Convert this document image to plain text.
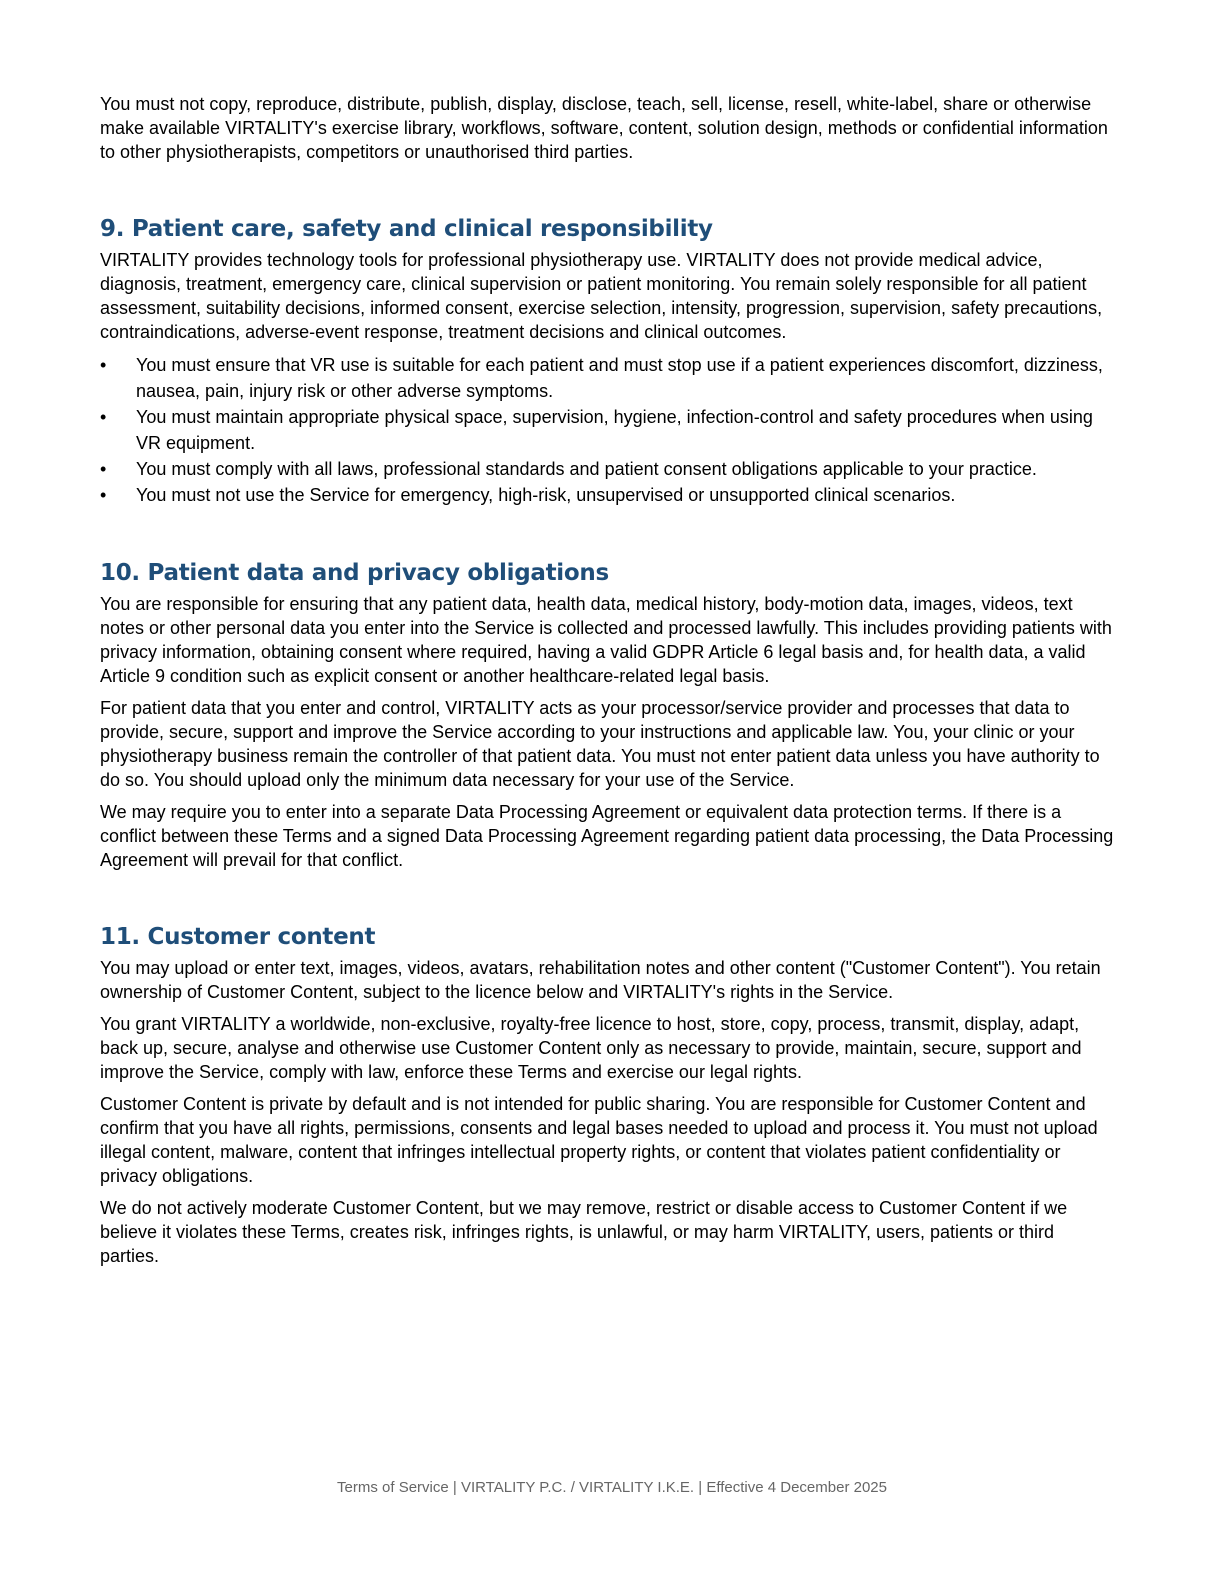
You must not copy, reproduce, distribute, publish, display, disclose, teach, sell, license, resell, white-label, share or otherwise make available VIRTALITY's exercise library, workflows, software, content, solution design, methods or confidential information to other physiotherapists, competitors or unauthorised third parties.

9. Patient care, safety and clinical responsibility

VIRTALITY provides technology tools for professional physiotherapy use. VIRTALITY does not provide medical advice, diagnosis, treatment, emergency care, clinical supervision or patient monitoring. You remain solely responsible for all patient assessment, suitability decisions, informed consent, exercise selection, intensity, progression, supervision, safety precautions, contraindications, adverse-event response, treatment decisions and clinical outcomes.

• You must ensure that VR use is suitable for each patient and must stop use if a patient experiences discomfort, dizziness, nausea, pain, injury risk or other adverse symptoms.
• You must maintain appropriate physical space, supervision, hygiene, infection-control and safety procedures when using VR equipment.
• You must comply with all laws, professional standards and patient consent obligations applicable to your practice.
• You must not use the Service for emergency, high-risk, unsupervised or unsupported clinical scenarios.
10. Patient data and privacy obligations

You are responsible for ensuring that any patient data, health data, medical history, body-motion data, images, videos, text notes or other personal data you enter into the Service is collected and processed lawfully. This includes providing patients with privacy information, obtaining consent where required, having a valid GDPR Article 6 legal basis and, for health data, a valid Article 9 condition such as explicit consent or another healthcare-related legal basis.

For patient data that you enter and control, VIRTALITY acts as your processor/service provider and processes that data to provide, secure, support and improve the Service according to your instructions and applicable law. You, your clinic or your physiotherapy business remain the controller of that patient data. You must not enter patient data unless you have authority to do so. You should upload only the minimum data necessary for your use of the Service.

We may require you to enter into a separate Data Processing Agreement or equivalent data protection terms. If there is a conflict between these Terms and a signed Data Processing Agreement regarding patient data processing, the Data Processing Agreement will prevail for that conflict.

11. Customer content

You may upload or enter text, images, videos, avatars, rehabilitation notes and other content ("Customer Content"). You retain ownership of Customer Content, subject to the licence below and VIRTALITY's rights in the Service.

You grant VIRTALITY a worldwide, non-exclusive, royalty-free licence to host, store, copy, process, transmit, display, adapt, back up, secure, analyse and otherwise use Customer Content only as necessary to provide, maintain, secure, support and improve the Service, comply with law, enforce these Terms and exercise our legal rights.

Customer Content is private by default and is not intended for public sharing. You are responsible for Customer Content and confirm that you have all rights, permissions, consents and legal bases needed to upload and process it. You must not upload illegal content, malware, content that infringes intellectual property rights, or content that violates patient confidentiality or privacy obligations.

We do not actively moderate Customer Content, but we may remove, restrict or disable access to Customer Content if we believe it violates these Terms, creates risk, infringes rights, is unlawful, or may harm VIRTALITY, users, patients or third parties.

Terms of Service | VIRTALITY P.C. / VIRTALITY I.K.E. | Effective 4 December 2025
